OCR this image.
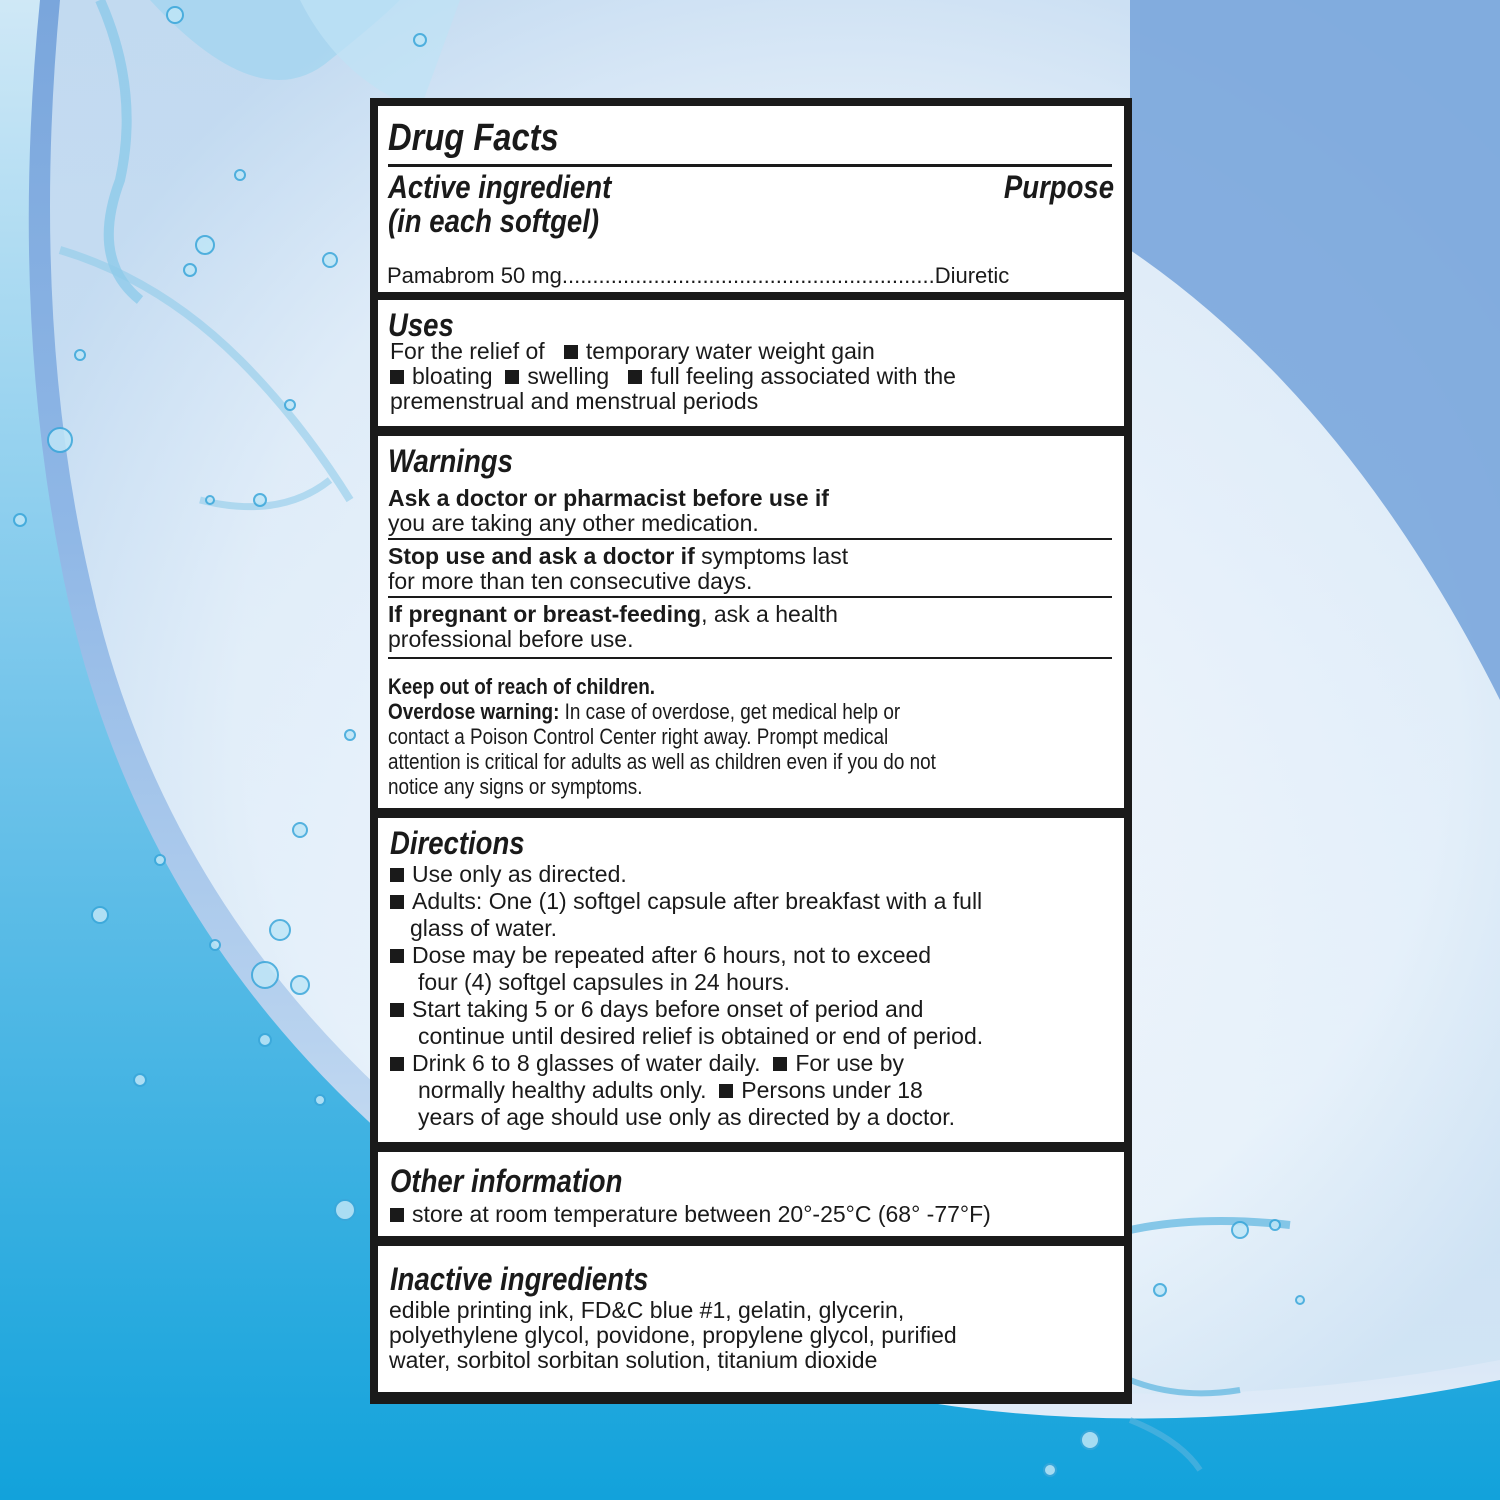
Drug Facts
Active ingredient
(in each softgel)
Purpose
Pamabrom 50 mg.............................................................Diuretic
Uses
For the relief of temporary water weight gain
bloating swelling full feeling associated with the
premenstrual and menstrual periods
Warnings
Ask a doctor or pharmacist before use if
you are taking any other medication.
Stop use and ask a doctor if symptoms last
for more than ten consecutive days.
If pregnant or breast-feeding, ask a health
professional before use.
Keep out of reach of children.
Overdose warning: In case of overdose, get medical help or
contact a Poison Control Center right away. Prompt medical
attention is critical for adults as well as children even if you do not
notice any signs or symptoms.
Directions
Use only as directed.
Adults: One (1) softgel capsule after breakfast with a full
glass of water.
Dose may be repeated after 6 hours, not to exceed
four (4) softgel capsules in 24 hours.
Start taking 5 or 6 days before onset of period and
continue until desired relief is obtained or end of period.
Drink 6 to 8 glasses of water daily. For use by
normally healthy adults only. Persons under 18
years of age should use only as directed by a doctor.
Other information
store at room temperature between 20°-25°C (68° -77°F)
Inactive ingredients
edible printing ink, FD&C blue #1, gelatin, glycerin,
polyethylene glycol, povidone, propylene glycol, purified
water, sorbitol sorbitan solution, titanium dioxide
